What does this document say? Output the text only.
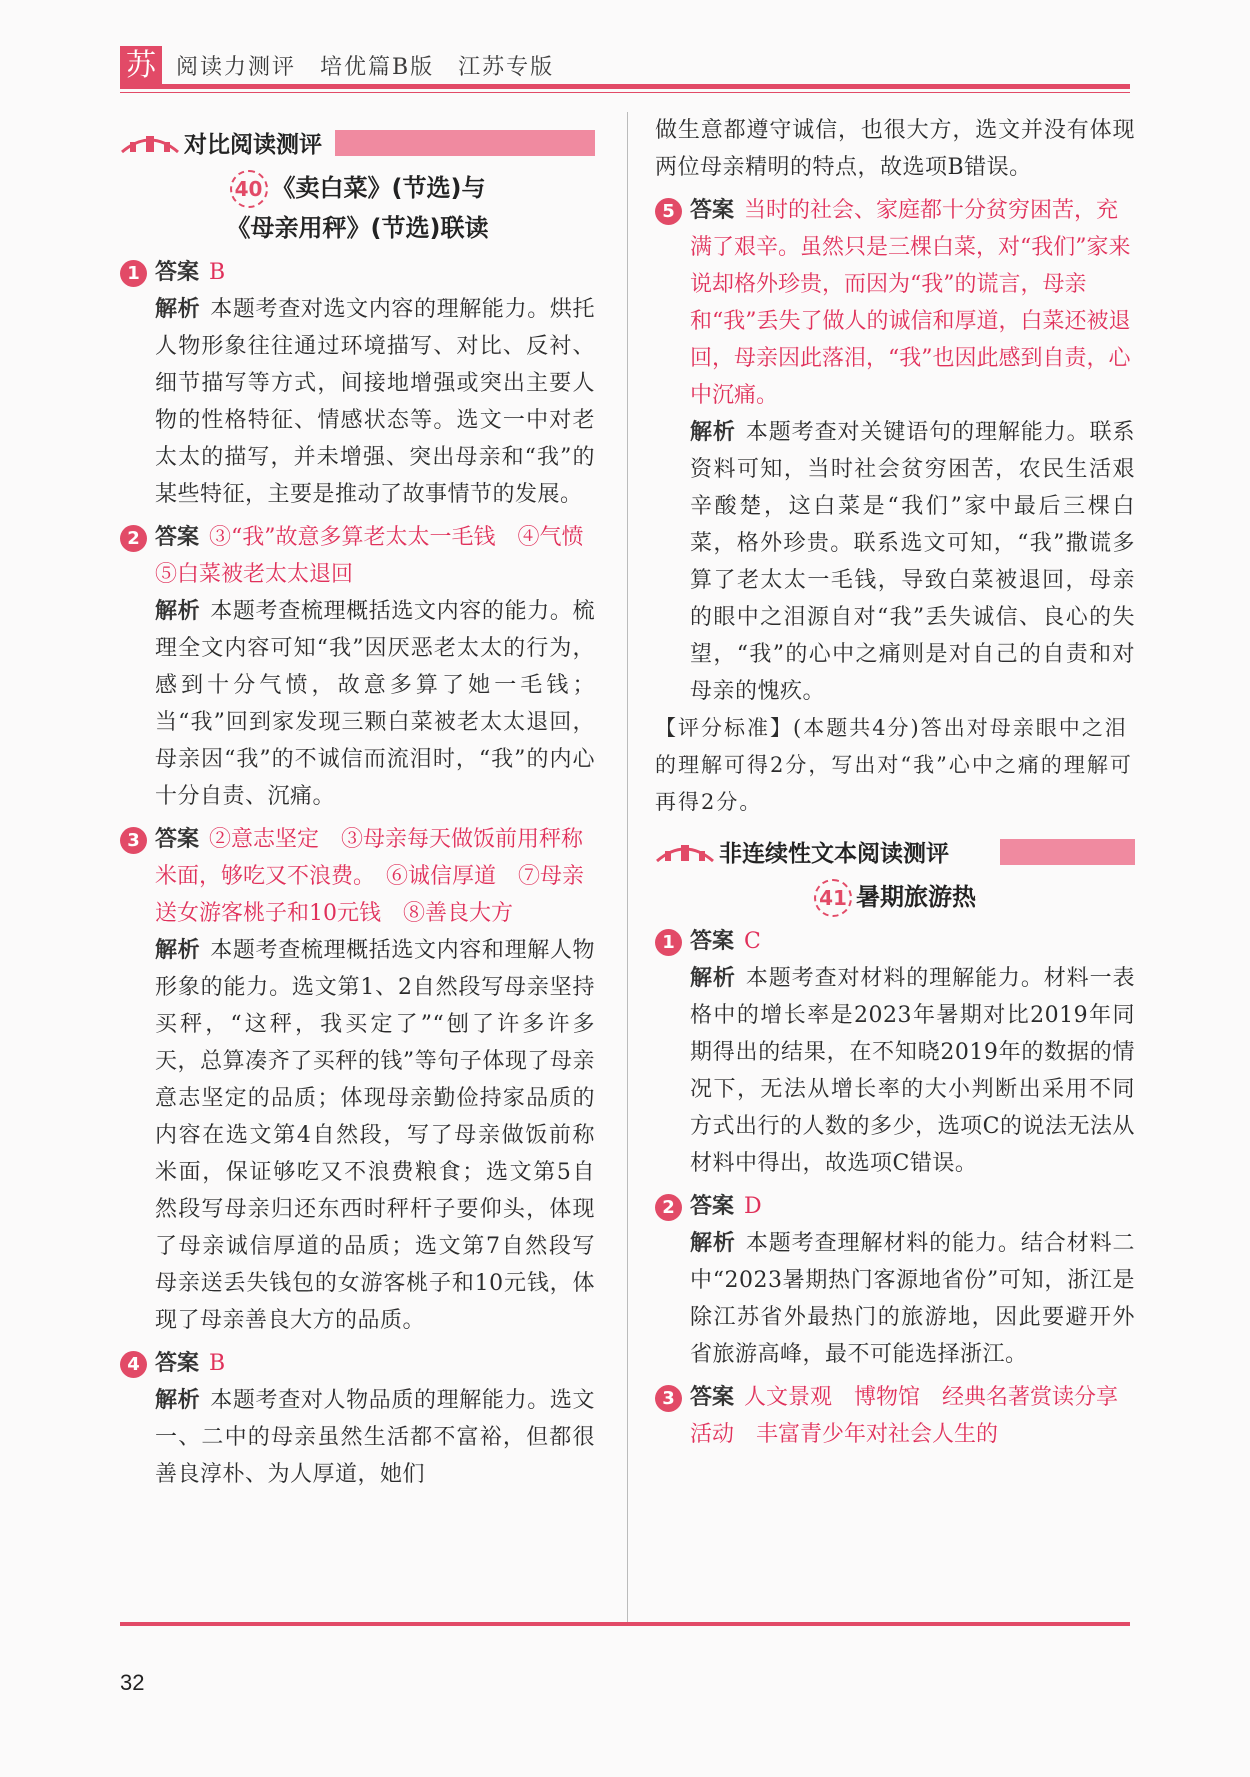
苏 阅读力测评　培优篇B版　江苏专版
对比阅读测评
40 《卖白菜》(节选)与
《母亲用秤》(节选)联读
1 答案 B
解析 本题考查对选文内容的理解能力。烘托人物形象往往通过环境描写、对比、反衬、细节描写等方式，间接地增强或突出主要人物的性格特征、情感状态等。选文一中对老太太的描写，并未增强、突出母亲和“我”的某些特征，主要是推动了故事情节的发展。
2 答案 ③“我”故意多算老太太一毛钱　④气愤　⑤白菜被老太太退回
解析 本题考查梳理概括选文内容的能力。梳理全文内容可知“我”因厌恶老太太的行为，感到十分气愤，故意多算了她一毛钱；当“我”回到家发现三颗白菜被老太太退回，母亲因“我”的不诚信而流泪时，“我”的内心十分自责、沉痛。
3 答案 ②意志坚定　③母亲每天做饭前用秤称米面，够吃又不浪费。　⑥诚信厚道　⑦母亲送女游客桃子和10元钱　⑧善良大方
解析 本题考查梳理概括选文内容和理解人物形象的能力。选文第1、2自然段写母亲坚持买秤，“这秤，我买定了”“刨了许多许多天，总算凑齐了买秤的钱”等句子体现了母亲意志坚定的品质；体现母亲勤俭持家品质的内容在选文第4自然段，写了母亲做饭前称米面，保证够吃又不浪费粮食；选文第5自然段写母亲归还东西时秤杆子要仰头，体现了母亲诚信厚道的品质；选文第7自然段写母亲送丢失钱包的女游客桃子和10元钱，体现了母亲善良大方的品质。
4 答案 B
解析 本题考查对人物品质的理解能力。选文一、二中的母亲虽然生活都不富裕，但都很善良淳朴、为人厚道，她们
做生意都遵守诚信，也很大方，选文并没有体现两位母亲精明的特点，故选项B错误。
5 答案 当时的社会、家庭都十分贫穷困苦，充满了艰辛。虽然只是三棵白菜，对“我们”家来说却格外珍贵，而因为“我”的谎言，母亲和“我”丢失了做人的诚信和厚道，白菜还被退回，母亲因此落泪，“我”也因此感到自责，心中沉痛。
解析 本题考查对关键语句的理解能力。联系资料可知，当时社会贫穷困苦，农民生活艰辛酸楚，这白菜是“我们”家中最后三棵白菜，格外珍贵。联系选文可知，“我”撒谎多算了老太太一毛钱，导致白菜被退回，母亲的眼中之泪源自对“我”丢失诚信、良心的失望，“我”的心中之痛则是对自己的自责和对母亲的愧疚。
【评分标准】(本题共4分)答出对母亲眼中之泪的理解可得2分，写出对“我”心中之痛的理解可再得2分。
非连续性文本阅读测评
41 暑期旅游热
1 答案 C
解析 本题考查对材料的理解能力。材料一表格中的增长率是2023年暑期对比2019年同期得出的结果，在不知晓2019年的数据的情况下，无法从增长率的大小判断出采用不同方式出行的人数的多少，选项C的说法无法从材料中得出，故选项C错误。
2 答案 D
解析 本题考查理解材料的能力。结合材料二中“2023暑期热门客源地省份”可知，浙江是除江苏省外最热门的旅游地，因此要避开外省旅游高峰，最不可能选择浙江。
3 答案 人文景观　博物馆　经典名著赏读分享活动　丰富青少年对社会人生的
32
